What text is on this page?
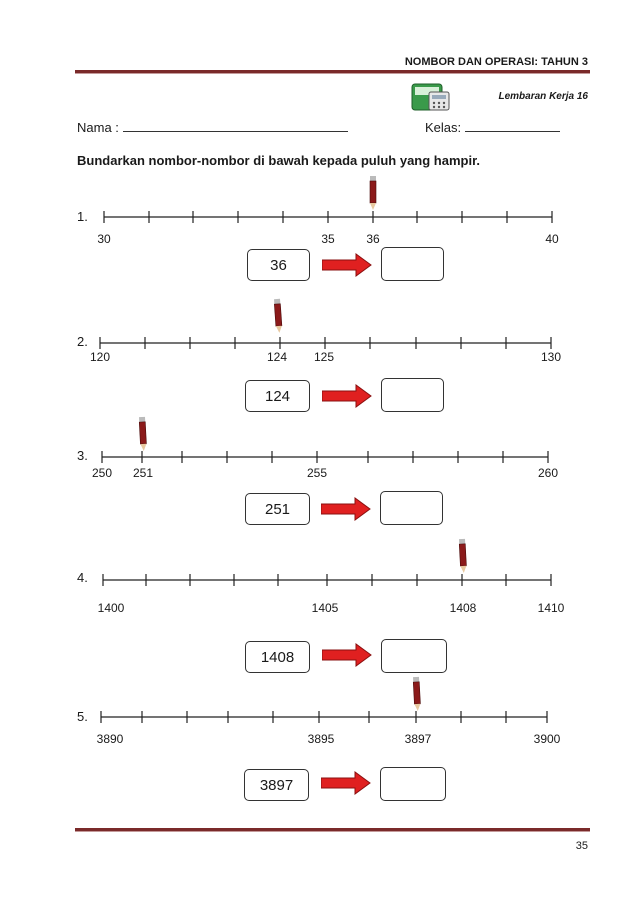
NOMBOR DAN OPERASI: TAHUN 3
Lembaran Kerja 16
Nama :	Kelas:
Bundarkan nombor-nombor di bawah kepada puluh yang hampir.
1.
30	35	36	40
36
2.
120	124 125	130
124
3.
250 251	255	260
251
4.
1400	1405	1408	1410
1408
5.
3890	3895	3897	3900
3897
35
